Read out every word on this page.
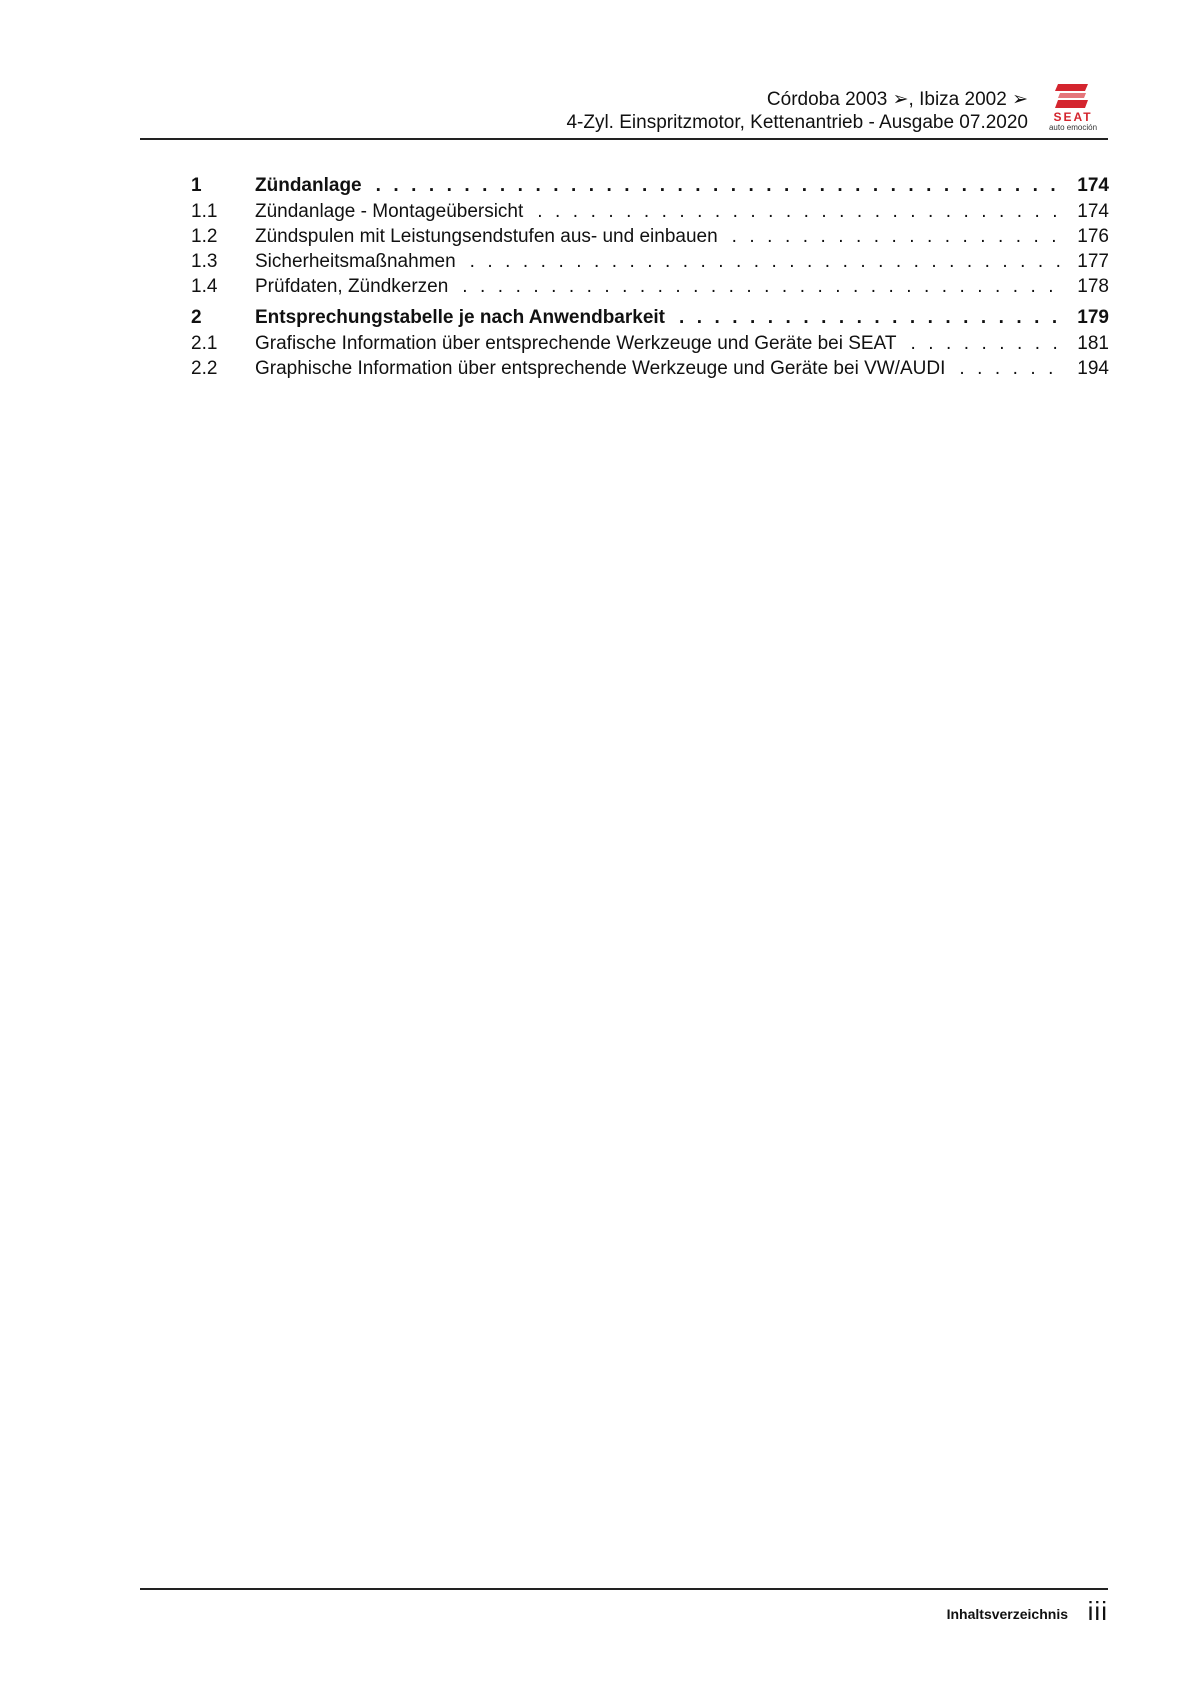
Córdoba 2003 ➢, Ibiza 2002 ➢
4-Zyl. Einspritzmotor, Kettenantrieb - Ausgabe 07.2020	SEAT
auto emoción
1	Zündanlage . . .	174
1.1	Zündanlage - Montageübersicht . . .	174
1.2	Zündspulen mit Leistungsendstufen aus- und einbauen . . .	176
1.3	Sicherheitsmaßnahmen . . .	177
1.4	Prüfdaten, Zündkerzen . . .	178
2	Entsprechungstabelle je nach Anwendbarkeit . . .	179
2.1	Grafische Information über entsprechende Werkzeuge und Geräte bei SEAT . . .	181
2.2	Graphische Information über entsprechende Werkzeuge und Geräte bei VW/AUDI . . .	194
Inhaltsverzeichnis iii
